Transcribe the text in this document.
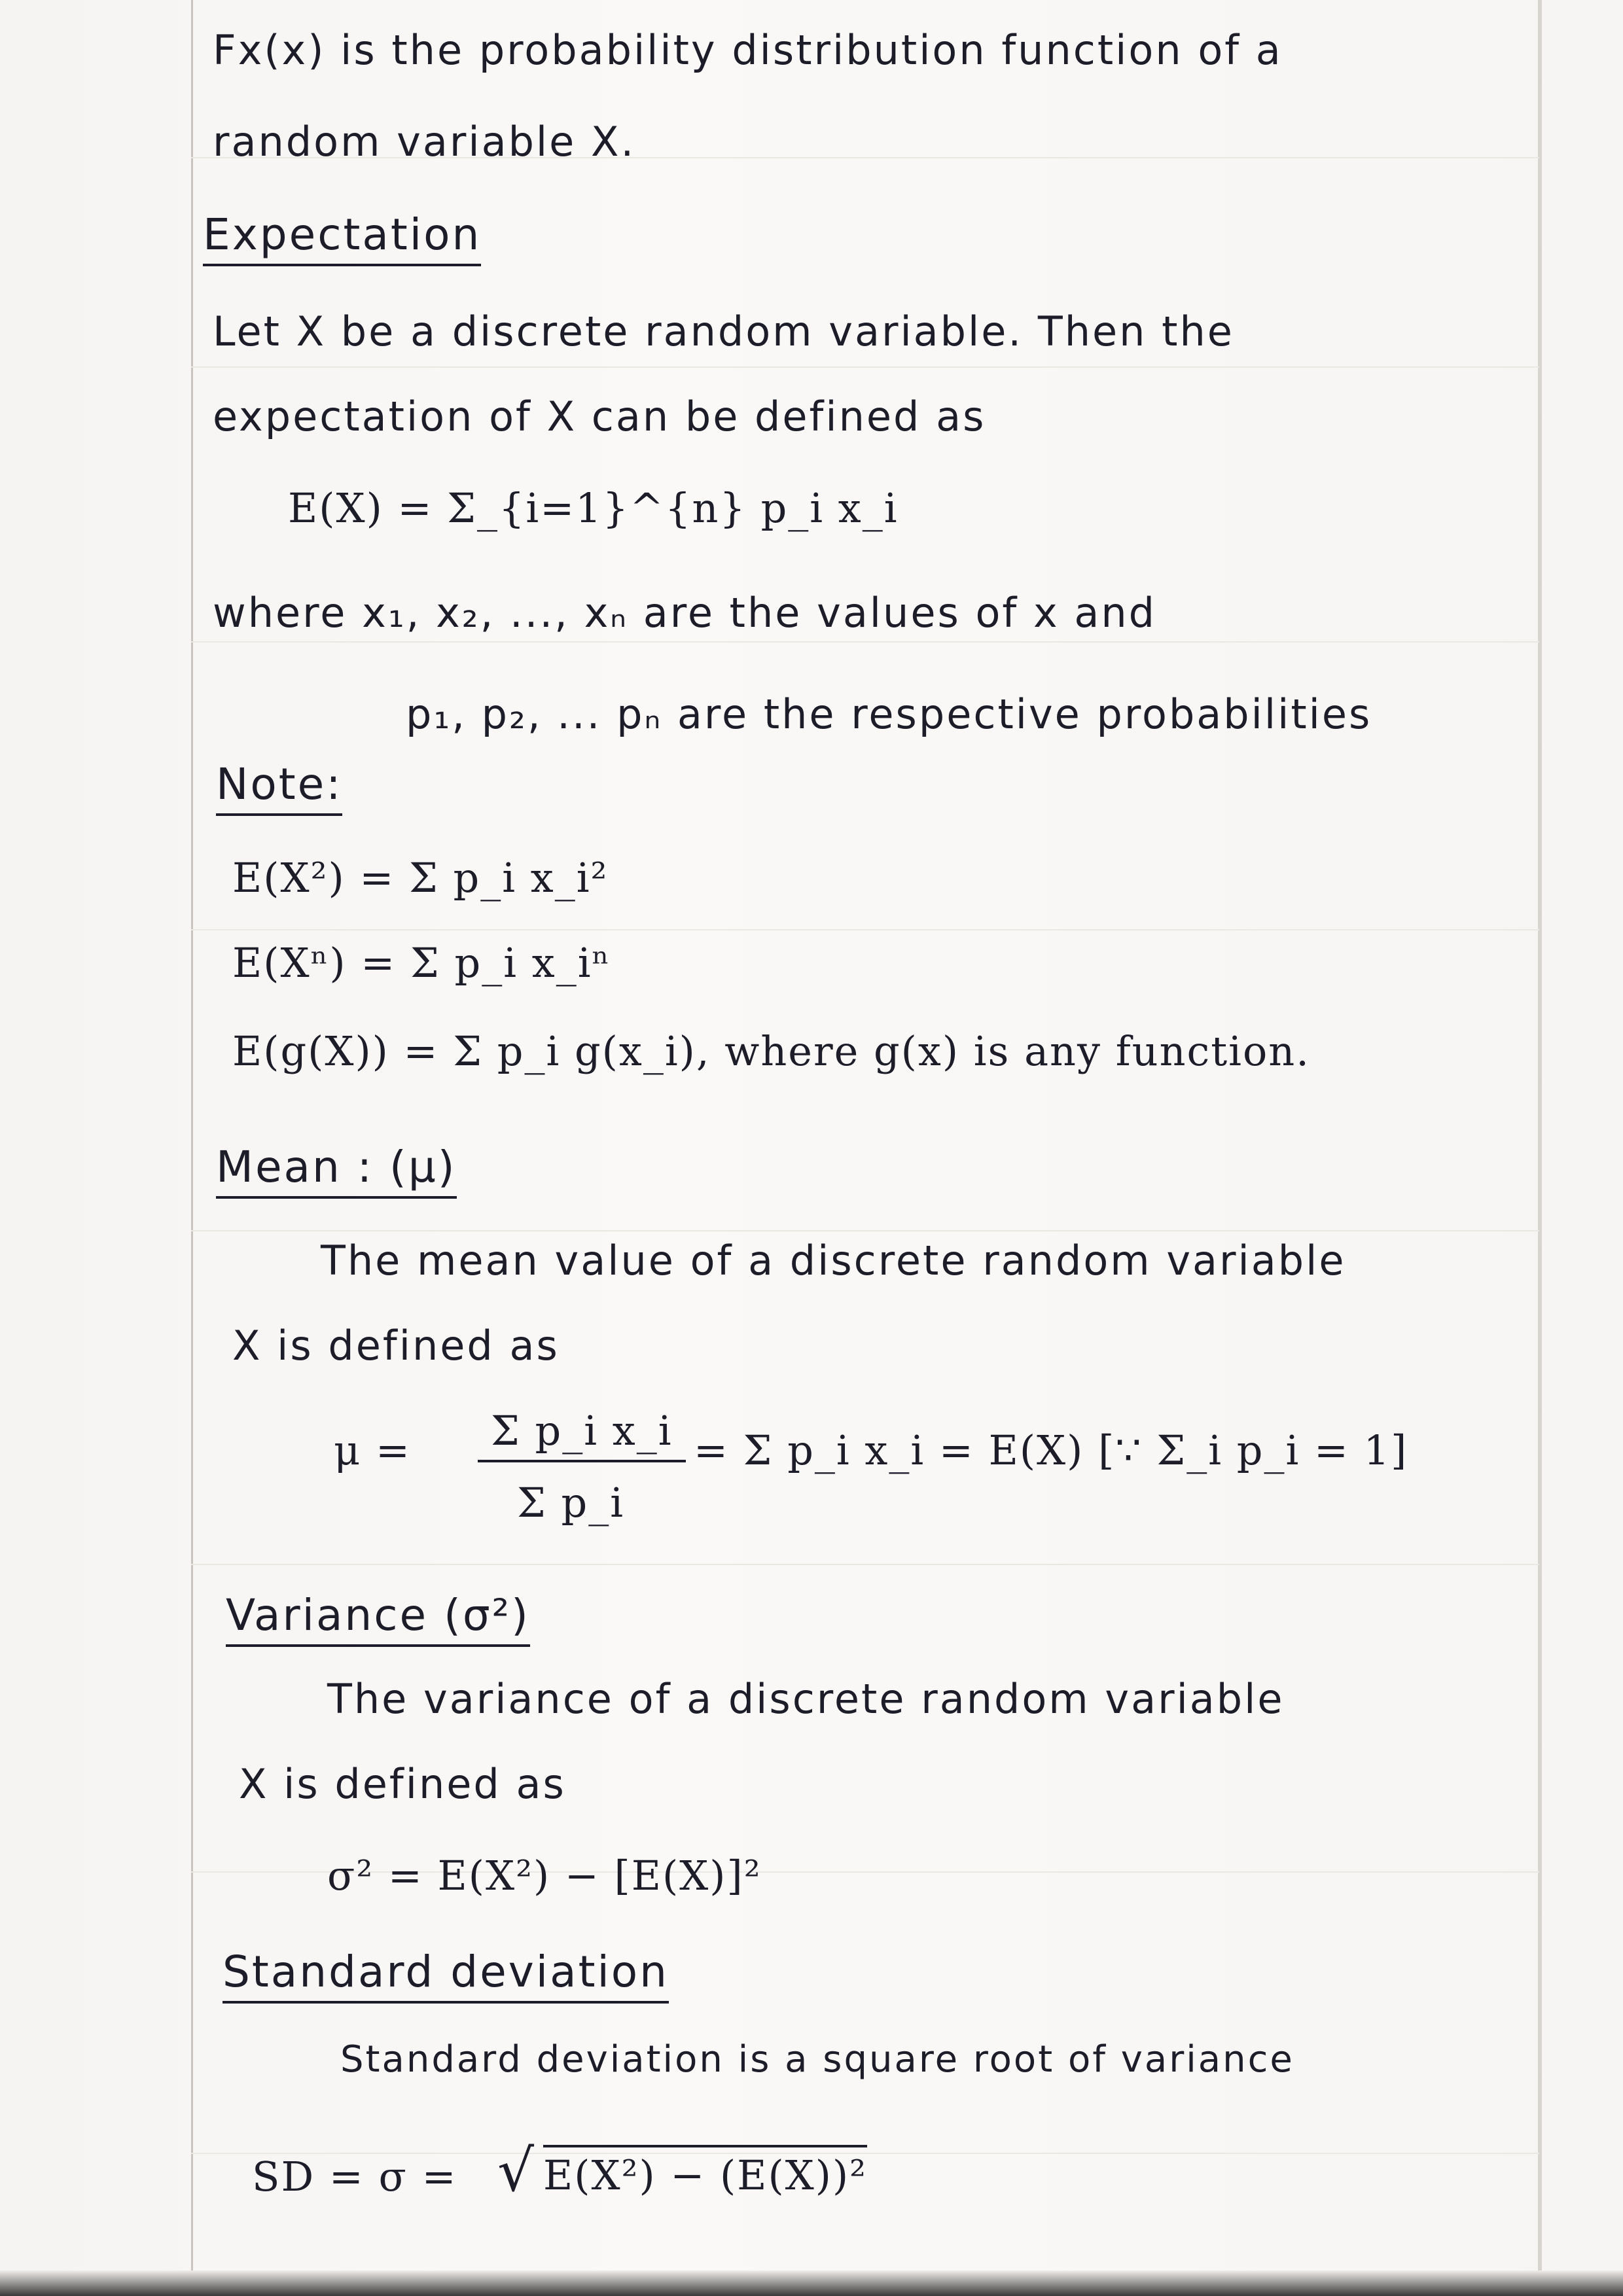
Fx(x) is the probability distribution function of a
random variable X.
Expectation
Let X be a discrete random variable. Then the
expectation of X can be defined as
E(X) = Σ_{i=1}^{n} p_i x_i
where x₁, x₂, ..., xₙ are the values of x and
p₁, p₂, ... pₙ are the respective probabilities
Note:
E(X²) = Σ p_i x_i²
E(Xⁿ) = Σ p_i x_iⁿ
E(g(X)) = Σ p_i g(x_i), where g(x) is any function.
Mean : (μ)
The mean value of a discrete random variable
X is defined as
μ =	Σ p_i x_i
Σ p_i
= Σ p_i x_i = E(X) [∵ Σ_i p_i = 1]
Variance (σ²)
The variance of a discrete random variable
X is defined as
σ² = E(X²) − [E(X)]²
Standard deviation
Standard deviation is a square root of variance
SD = σ = √ E(X²) − (E(X))²
